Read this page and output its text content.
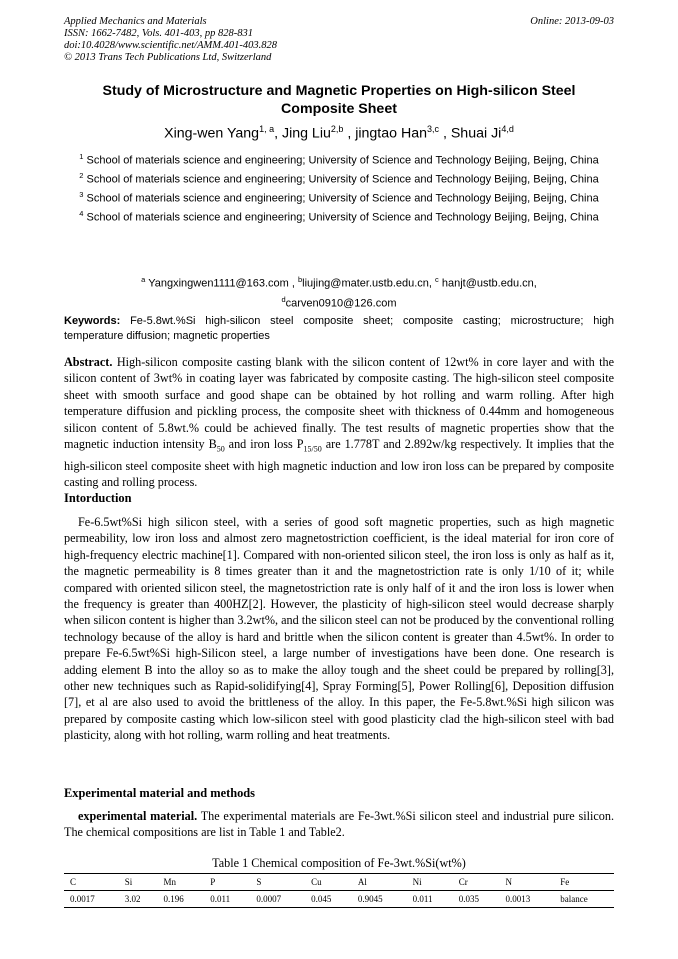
Applied Mechanics and Materials
ISSN: 1662-7482, Vols. 401-403, pp 828-831
doi:10.4028/www.scientific.net/AMM.401-403.828
© 2013 Trans Tech Publications Ltd, Switzerland
Online: 2013-09-03
Study of Microstructure and Magnetic Properties on High-silicon Steel Composite Sheet
Xing-wen Yang$^{1, a}$, Jing Liu$^{2,b}$ , jingtao Han$^{3,c}$ , Shuai Ji$^{4,d}$
$^1$ School of materials science and engineering; University of Science and Technology Beijing, Beijng, China
$^2$ School of materials science and engineering; University of Science and Technology Beijing, Beijng, China
$^3$ School of materials science and engineering; University of Science and Technology Beijing, Beijng, China
$^4$ School of materials science and engineering; University of Science and Technology Beijing, Beijng, China
$^a$ Yangxingwen1111@163.com , $^b$liujing@mater.ustb.edu.cn, $^c$ hanjt@ustb.edu.cn,
$^d$carven0910@126.com
Keywords: Fe-5.8wt.%Si high-silicon steel composite sheet; composite casting; microstructure; high temperature diffusion; magnetic properties
Abstract. High-silicon composite casting blank with the silicon content of 12wt% in core layer and with the silicon content of 3wt% in coating layer was fabricated by composite casting. The high-silicon steel composite sheet with smooth surface and good shape can be obtained by hot rolling and warm rolling. After high temperature diffusion and pickling process, the composite sheet with thickness of 0.44mm and homogeneous silicon content of 5.8wt.% could be achieved finally. The test results of magnetic properties show that the magnetic induction intensity $B_{50}$ and iron loss $P_{15/50}$ are 1.778T and 2.892w/kg respectively. It implies that the high-silicon steel composite sheet with high magnetic induction and low iron loss can be prepared by composite casting and rolling process.
Intorduction
Fe-6.5wt%Si high silicon steel, with a series of good soft magnetic properties, such as high magnetic permeability, low iron loss and almost zero magnetostriction coefficient, is the ideal material for iron core of high-frequency electric machine[1]. Compared with non-oriented silicon steel, the iron loss is only as half as it, the magnetic permeability is 8 times greater than it and the magnetostriction rate is only 1/10 of it; while compared with oriented silicon steel, the magnetostriction rate is only half of it and the iron loss is lower when the frequency is greater than 400HZ[2]. However, the plasticity of high-silicon steel would decrease sharply when silicon content is higher than 3.2wt%, and the silicon steel can not be produced by the conventional rolling technology because of the alloy is hard and brittle when the silicon content is greater than 4.5wt%. In order to prepare Fe-6.5wt%Si high-Silicon steel, a large number of investigations have been done. One research is adding element B into the alloy so as to make the alloy tough and the sheet could be prepared by rolling[3], other new techniques such as Rapid-solidifying[4], Spray Forming[5], Power Rolling[6], Deposition diffusion [7], et al are also used to avoid the brittleness of the alloy. In this paper, the Fe-5.8wt.%Si high silicon was prepared by composite casting which low-silicon steel with good plasticity clad the high-silicon steel with bad plasticity, along with hot rolling, warm rolling and heat treatments.
Experimental material and methods
experimental material. The experimental materials are Fe-3wt.%Si silicon steel and industrial pure silicon. The chemical compositions are list in Table 1 and Table2.
Table 1 Chemical composition of Fe-3wt.%Si(wt%)
C	Si	Mn	P	S	Cu	Al	Ni	Cr	N	Fe
0.0017	3.02	0.196	0.011	0.0007	0.045	0.9045	0.011	0.035	0.0013	balance
